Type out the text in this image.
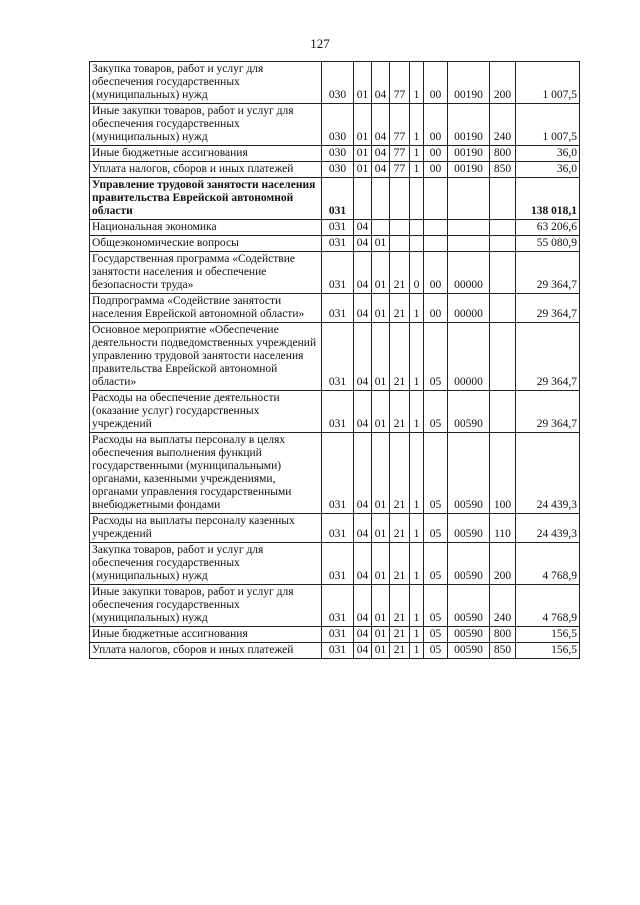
127
Закупка товаров, работ и услуг для обеспечения государственных (муниципальных) нужд	030	01	04	77	1	00	00190	200	1 007,5
Иные закупки товаров, работ и услуг для обеспечения государственных (муниципальных) нужд	030	01	04	77	1	00	00190	240	1 007,5
Иные бюджетные ассигнования	030	01	04	77	1	00	00190	800	36,0
Уплата налогов, сборов и иных платежей	030	01	04	77	1	00	00190	850	36,0
Управление трудовой занятости населения правительства Еврейской автономной области	031								138 018,1
Национальная экономика	031	04							63 206,6
Общеэкономические вопросы	031	04	01						55 080,9
Государственная программа «Содействие занятости населения и обеспечение безопасности труда»	031	04	01	21	0	00	00000		29 364,7
Подпрограмма «Содействие занятости населения Еврейской автономной области»	031	04	01	21	1	00	00000		29 364,7
Основное мероприятие «Обеспечение деятельности подведомственных учреждений управлению трудовой занятости населения правительства Еврейской автономной области»	031	04	01	21	1	05	00000		29 364,7
Расходы на обеспечение деятельности (оказание услуг) государственных учреждений	031	04	01	21	1	05	00590		29 364,7
Расходы на выплаты персоналу в целях обеспечения выполнения функций государственными (муниципальными) органами, казенными учреждениями, органами управления государственными внебюджетными фондами	031	04	01	21	1	05	00590	100	24 439,3
Расходы на выплаты персоналу казенных учреждений	031	04	01	21	1	05	00590	110	24 439,3
Закупка товаров, работ и услуг для обеспечения государственных (муниципальных) нужд	031	04	01	21	1	05	00590	200	4 768,9
Иные закупки товаров, работ и услуг для обеспечения государственных (муниципальных) нужд	031	04	01	21	1	05	00590	240	4 768,9
Иные бюджетные ассигнования	031	04	01	21	1	05	00590	800	156,5
Уплата налогов, сборов и иных платежей	031	04	01	21	1	05	00590	850	156,5
